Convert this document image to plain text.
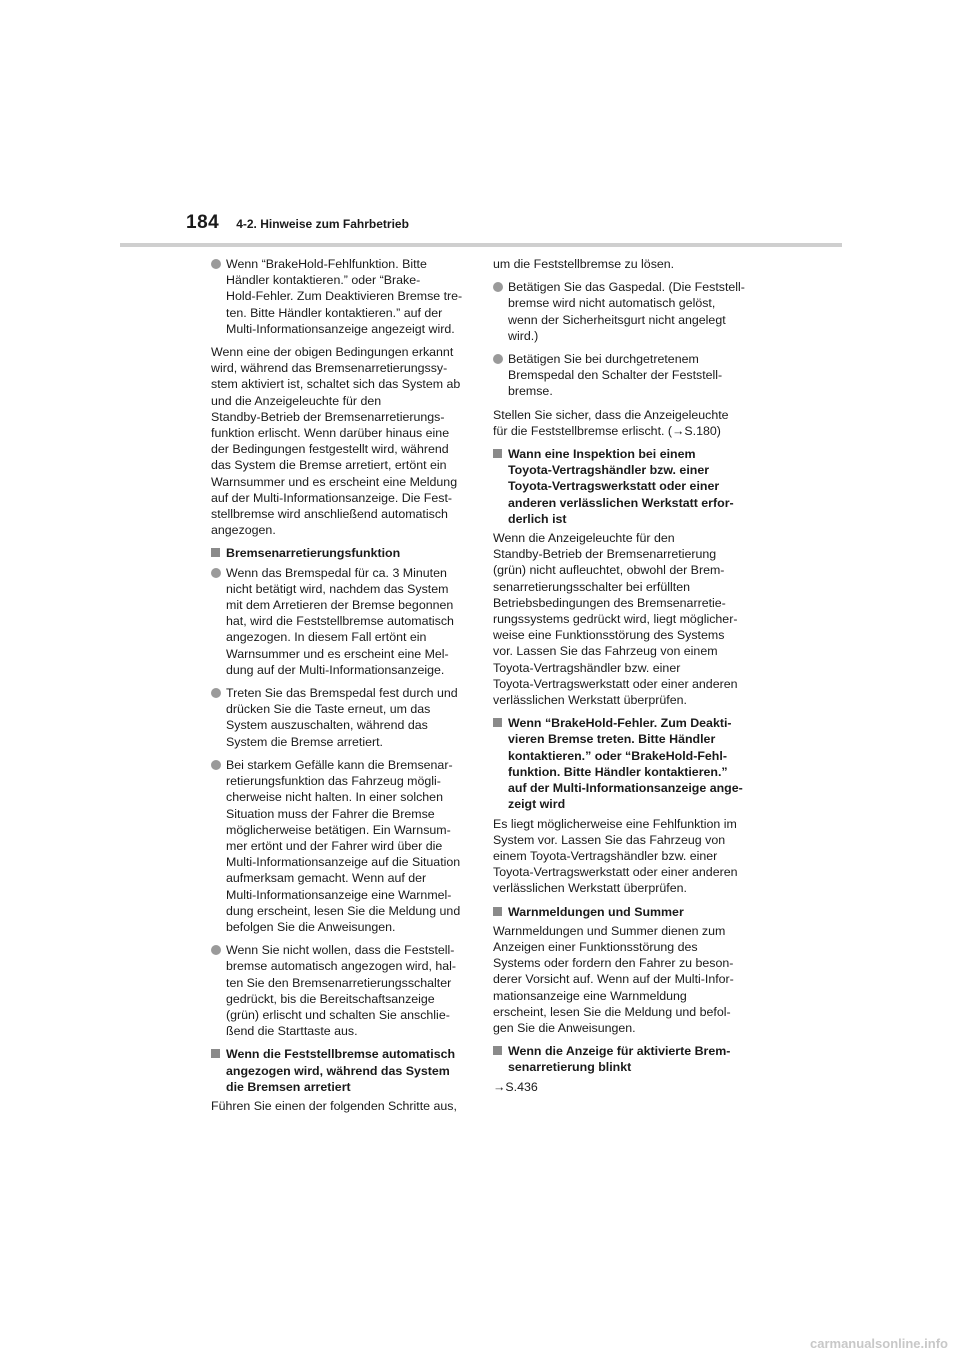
184 4-2. Hinweise zum Fahrbetrieb
Wenn “BrakeHold-Fehlfunktion. Bitte
Händler kontaktieren.” oder “Brake-
Hold-Fehler. Zum Deaktivieren Bremse tre-
ten. Bitte Händler kontaktieren.” auf der
Multi-Informationsanzeige angezeigt wird.
Wenn eine der obigen Bedingungen erkannt
wird, während das Bremsenarretierungssy-
stem aktiviert ist, schaltet sich das System ab
und die Anzeigeleuchte für den
Standby-Betrieb der Bremsenarretierungs-
funktion erlischt. Wenn darüber hinaus eine
der Bedingungen festgestellt wird, während
das System die Bremse arretiert, ertönt ein
Warnsummer und es erscheint eine Meldung
auf der Multi-Informationsanzeige. Die Fest-
stellbremse wird anschließend automatisch
angezogen.
Bremsenarretierungsfunktion
Wenn das Bremspedal für ca. 3 Minuten
nicht betätigt wird, nachdem das System
mit dem Arretieren der Bremse begonnen
hat, wird die Feststellbremse automatisch
angezogen. In diesem Fall ertönt ein
Warnsummer und es erscheint eine Mel-
dung auf der Multi-Informationsanzeige.
Treten Sie das Bremspedal fest durch und
drücken Sie die Taste erneut, um das
System auszuschalten, während das
System die Bremse arretiert.
Bei starkem Gefälle kann die Bremsenar-
retierungsfunktion das Fahrzeug mögli-
cherweise nicht halten. In einer solchen
Situation muss der Fahrer die Bremse
möglicherweise betätigen. Ein Warnsum-
mer ertönt und der Fahrer wird über die
Multi-Informationsanzeige auf die Situation
aufmerksam gemacht. Wenn auf der
Multi-Informationsanzeige eine Warnmel-
dung erscheint, lesen Sie die Meldung und
befolgen Sie die Anweisungen.
Wenn Sie nicht wollen, dass die Feststell-
bremse automatisch angezogen wird, hal-
ten Sie den Bremsenarretierungsschalter
gedrückt, bis die Bereitschaftsanzeige
(grün) erlischt und schalten Sie anschlie-
ßend die Starttaste aus.
Wenn die Feststellbremse automatisch
angezogen wird, während das System
die Bremsen arretiert
Führen Sie einen der folgenden Schritte aus,
um die Feststellbremse zu lösen.
Betätigen Sie das Gaspedal. (Die Feststell-
bremse wird nicht automatisch gelöst,
wenn der Sicherheitsgurt nicht angelegt
wird.)
Betätigen Sie bei durchgetretenem
Bremspedal den Schalter der Feststell-
bremse.
Stellen Sie sicher, dass die Anzeigeleuchte
für die Feststellbremse erlischt. (→S.180)
Wann eine Inspektion bei einem
Toyota-Vertragshändler bzw. einer
Toyota-Vertragswerkstatt oder einer
anderen verlässlichen Werkstatt erfor-
derlich ist
Wenn die Anzeigeleuchte für den
Standby-Betrieb der Bremsenarretierung
(grün) nicht aufleuchtet, obwohl der Brem-
senarretierungsschalter bei erfüllten
Betriebsbedingungen des Bremsenarretie-
rungssystems gedrückt wird, liegt möglicher-
weise eine Funktionsstörung des Systems
vor. Lassen Sie das Fahrzeug von einem
Toyota-Vertragshändler bzw. einer
Toyota-Vertragswerkstatt oder einer anderen
verlässlichen Werkstatt überprüfen.
Wenn “BrakeHold-Fehler. Zum Deakti-
vieren Bremse treten. Bitte Händler
kontaktieren.” oder “BrakeHold-Fehl-
funktion. Bitte Händler kontaktieren.”
auf der Multi-Informationsanzeige ange-
zeigt wird
Es liegt möglicherweise eine Fehlfunktion im
System vor. Lassen Sie das Fahrzeug von
einem Toyota-Vertragshändler bzw. einer
Toyota-Vertragswerkstatt oder einer anderen
verlässlichen Werkstatt überprüfen.
Warnmeldungen und Summer
Warnmeldungen und Summer dienen zum
Anzeigen einer Funktionsstörung des
Systems oder fordern den Fahrer zu beson-
derer Vorsicht auf. Wenn auf der Multi-Infor-
mationsanzeige eine Warnmeldung
erscheint, lesen Sie die Meldung und befol-
gen Sie die Anweisungen.
Wenn die Anzeige für aktivierte Brem-
senarretierung blinkt
→S.436
carmanualsonline.info
